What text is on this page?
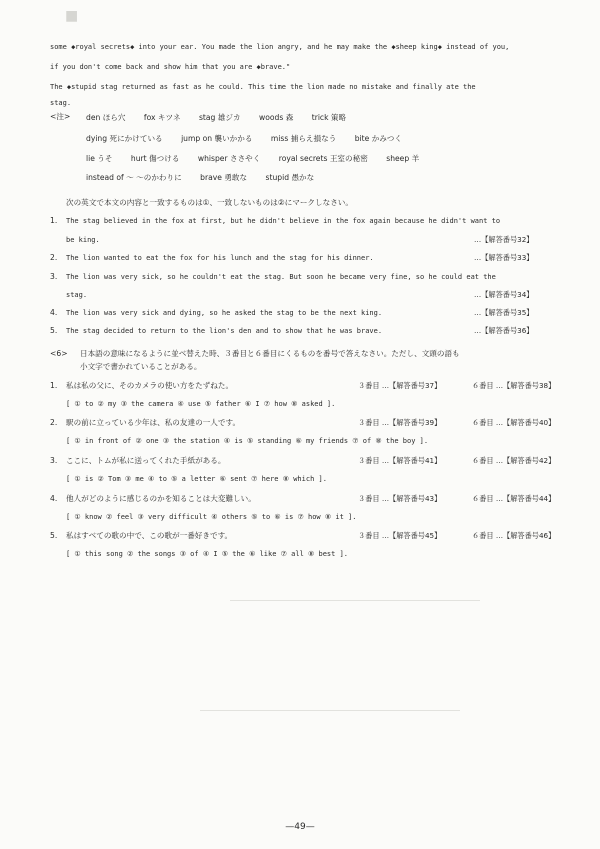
■
some ◆royal secrets◆ into your ear. You made the lion angry, and he may make the ◆sheep king◆ instead of you,
if you don't come back and show him that you are ◆brave."
The ◆stupid stag returned as fast as he could. This time the lion made no mistake and finally ate the
stag.
<注> den ほら穴 fox キツネ stag 雄ジカ woods 森 trick 策略
dying 死にかけている jump on 襲いかかる miss 捕らえ損なう bite かみつく
lie うそ hurt 傷つける whisper ささやく royal secrets 王室の秘密 sheep 羊
instead of ～ ～のかわりに brave 勇敢な stupid 愚かな
次の英文で本文の内容と一致するものは①、一致しないものは②にマークしなさい。
1. The stag believed in the fox at first, but he didn't believe in the fox again because he didn't want to
be king.	…【解答番号32】
2. The lion wanted to eat the fox for his lunch and the stag for his dinner.	…【解答番号33】
3. The lion was very sick, so he couldn't eat the stag. But soon he became very fine, so he could eat the
stag.	…【解答番号34】
4. The lion was very sick and dying, so he asked the stag to be the next king.	…【解答番号35】
5. The stag decided to return to the lion's den and to show that he was brave.	…【解答番号36】
<6> 日本語の意味になるように並べ替えた時、３番目と６番目にくるものを番号で答えなさい。ただし、文頭の語も
小文字で書かれていることがある。
1. 私は私の父に、そのカメラの使い方をたずねた。	３番目 …【解答番号37】	６番目 …【解答番号38】
[ ① to ② my ③ the camera ④ use ⑤ father ⑥ I ⑦ how ⑧ asked ].
2. 駅の前に立っている少年は、私の友達の一人です。	３番目 …【解答番号39】	６番目 …【解答番号40】
[ ① in front of ② one ③ the station ④ is ⑤ standing ⑥ my friends ⑦ of ⑧ the boy ].
3. ここに、トムが私に送ってくれた手紙がある。	３番目 …【解答番号41】	６番目 …【解答番号42】
[ ① is ② Tom ③ me ④ to ⑤ a letter ⑥ sent ⑦ here ⑧ which ].
4. 他人がどのように感じるのかを知ることは大変難しい。	３番目 …【解答番号43】	６番目 …【解答番号44】
[ ① know ② feel ③ very difficult ④ others ⑤ to ⑥ is ⑦ how ⑧ it ].
5. 私はすべての歌の中で、この歌が一番好きです。	３番目 …【解答番号45】	６番目 …【解答番号46】
[ ① this song ② the songs ③ of ④ I ⑤ the ⑥ like ⑦ all ⑧ best ].
—49—
